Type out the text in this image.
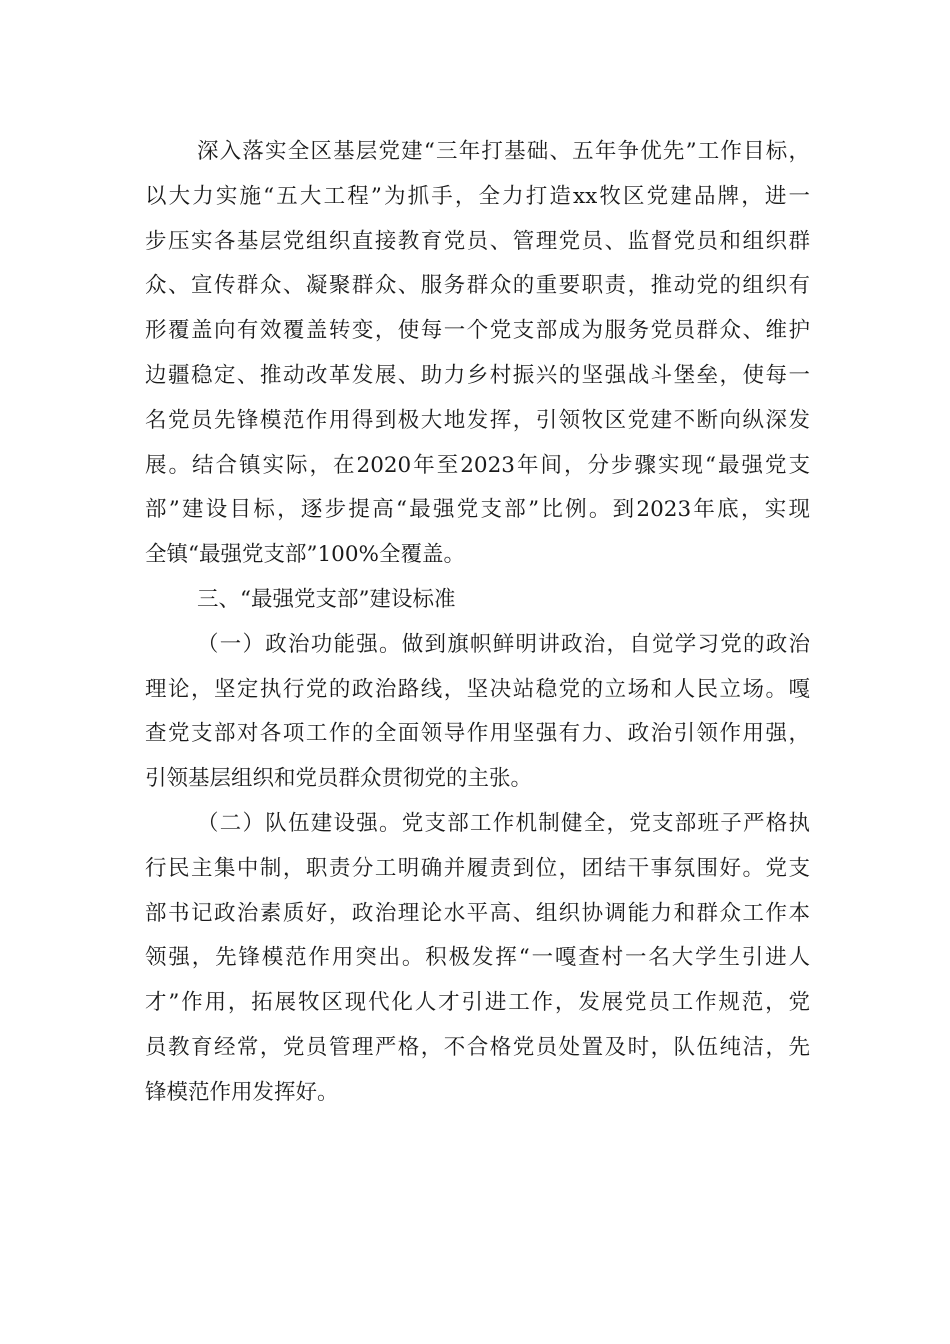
深入落实全区基层党建“三年打基础、五年争优先”工作目标，
以大力实施“五大工程”为抓手，全力打造xx牧区党建品牌，进一
步压实各基层党组织直接教育党员、管理党员、监督党员和组织群
众、宣传群众、凝聚群众、服务群众的重要职责，推动党的组织有
形覆盖向有效覆盖转变，使每一个党支部成为服务党员群众、维护
边疆稳定、推动改革发展、助力乡村振兴的坚强战斗堡垒，使每一
名党员先锋模范作用得到极大地发挥，引领牧区党建不断向纵深发
展。结合镇实际，在2020年至2023年间，分步骤实现“最强党支
部”建设目标，逐步提高“最强党支部”比例。到2023年底，实现
全镇“最强党支部”100%全覆盖。
三、“最强党支部”建设标准
（一）政治功能强。做到旗帜鲜明讲政治，自觉学习党的政治
理论，坚定执行党的政治路线，坚决站稳党的立场和人民立场。嘎
查党支部对各项工作的全面领导作用坚强有力、政治引领作用强，
引领基层组织和党员群众贯彻党的主张。
（二）队伍建设强。党支部工作机制健全，党支部班子严格执
行民主集中制，职责分工明确并履责到位，团结干事氛围好。党支
部书记政治素质好，政治理论水平高、组织协调能力和群众工作本
领强，先锋模范作用突出。积极发挥“一嘎查村一名大学生引进人
才”作用，拓展牧区现代化人才引进工作，发展党员工作规范，党
员教育经常，党员管理严格，不合格党员处置及时，队伍纯洁，先
锋模范作用发挥好。
